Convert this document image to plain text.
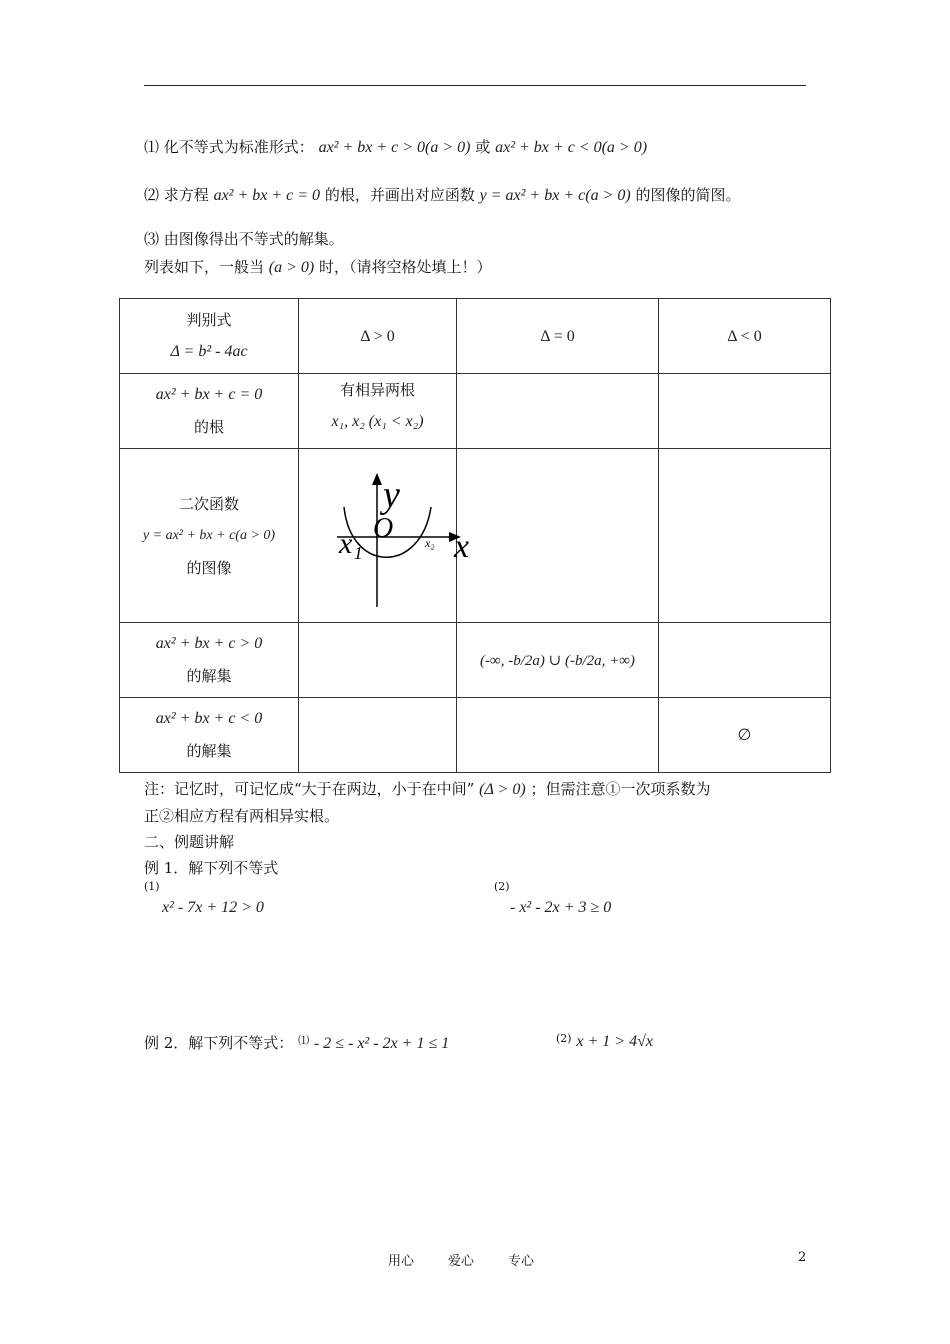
⑴ 化不等式为标准形式： ax² + bx + c > 0(a > 0) 或 ax² + bx + c < 0(a > 0)
⑵ 求方程 ax² + bx + c = 0 的根，并画出对应函数 y = ax² + bx + c(a > 0) 的图像的简图。
⑶ 由图像得出不等式的解集。
列表如下，一般当 (a > 0) 时，（请将空格处填上！）
判别式
Δ = b² - 4ac	Δ > 0	Δ = 0	Δ < 0

ax² + bx + c = 0
的根	有相异两根
x₁, x₂ (x₁ < x₂)		

二次函数
y = ax² + bx + c(a > 0)
的图像	y
O
x₁ x₂ x		

ax² + bx + c > 0
的解集		(-∞, -b/2a) ∪ (-b/2a, +∞)	

ax² + bx + c < 0
的解集			∅
注：记忆时，可记忆成“大于在两边，小于在中间” (Δ > 0) ；但需注意①一次项系数为
正②相应方程有两相异实根。
二、例题讲解
例 1．解下列不等式
$^{(1)}$
x² - 7x + 12 > 0
$^{(2)}$
- x² - 2x + 3 ≥ 0
例 2．解下列不等式： ⑴ - 2 ≤ - x² - 2x + 1 ≤ 1	$^{(2)}$ x + 1 > 4√x
用心	爱心	专心	2
